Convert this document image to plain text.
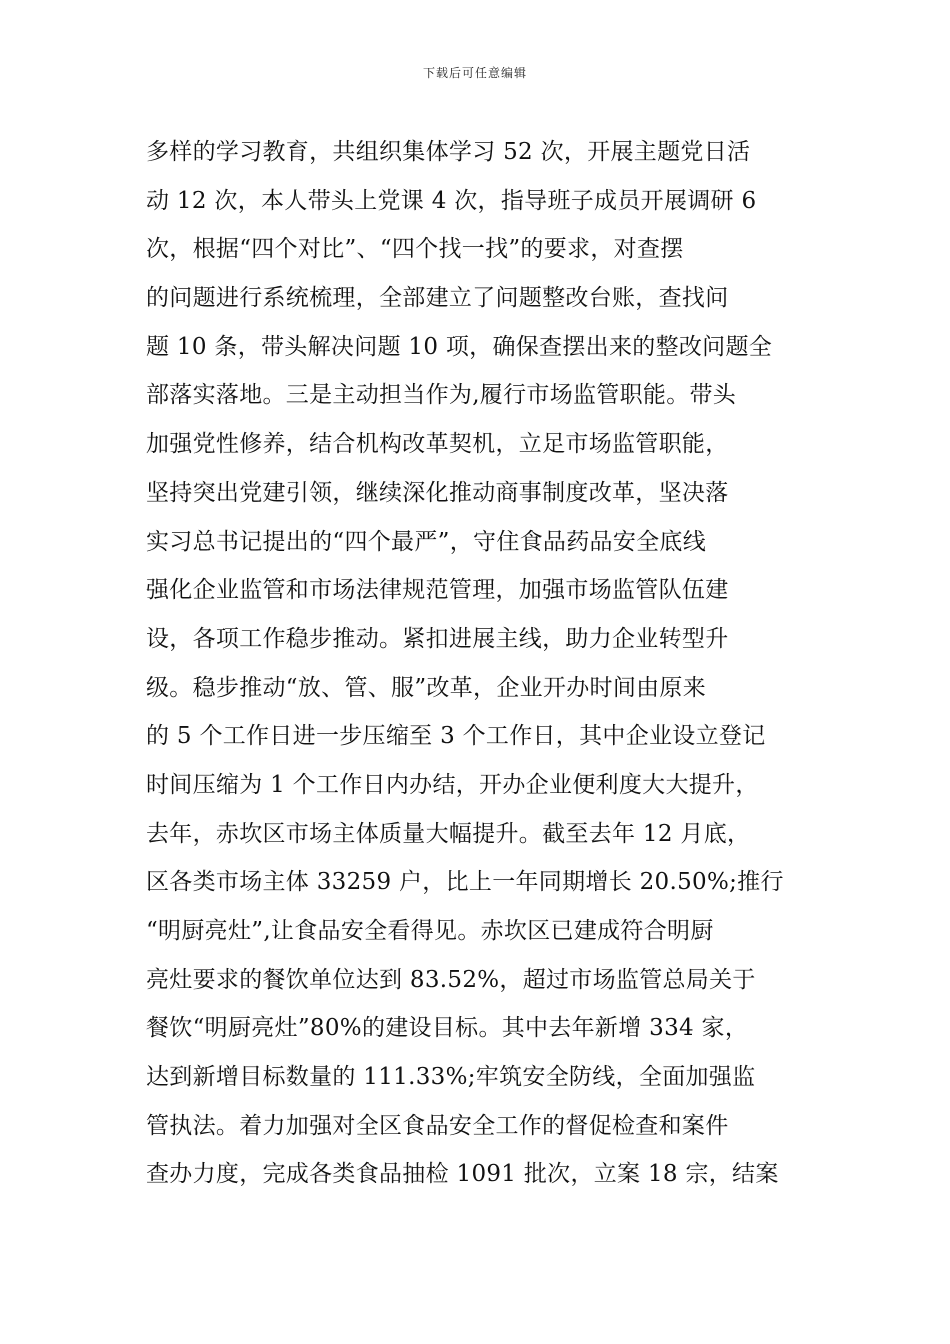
下载后可任意编辑
多样的学习教育，共组织集体学习 52 次，开展主题党日活
动 12 次，本人带头上党课 4 次，指导班子成员开展调研 6
次，根据“四个对比”、“四个找一找”的要求，对查摆
的问题进行系统梳理，全部建立了问题整改台账，查找问
题 10 条，带头解决问题 10 项，确保查摆出来的整改问题全
部落实落地。三是主动担当作为,履行市场监管职能。带头
加强党性修养，结合机构改革契机，立足市场监管职能，
坚持突出党建引领，继续深化推动商事制度改革，坚决落
实习总书记提出的“四个最严”，守住食品药品安全底线
强化企业监管和市场法律规范管理，加强市场监管队伍建
设，各项工作稳步推动。紧扣进展主线，助力企业转型升
级。稳步推动“放、管、服”改革，企业开办时间由原来
的 5 个工作日进一步压缩至 3 个工作日，其中企业设立登记
时间压缩为 1 个工作日内办结，开办企业便利度大大提升，
去年，赤坎区市场主体质量大幅提升。截至去年 12 月底，
区各类市场主体 33259 户，比上一年同期增长 20.50%;推行
“明厨亮灶”,让食品安全看得见。赤坎区已建成符合明厨
亮灶要求的餐饮单位达到 83.52%，超过市场监管总局关于
餐饮“明厨亮灶”80%的建设目标。其中去年新增 334 家，
达到新增目标数量的 111.33%;牢筑安全防线，全面加强监
管执法。着力加强对全区食品安全工作的督促检查和案件
查办力度，完成各类食品抽检 1091 批次，立案 18 宗，结案
